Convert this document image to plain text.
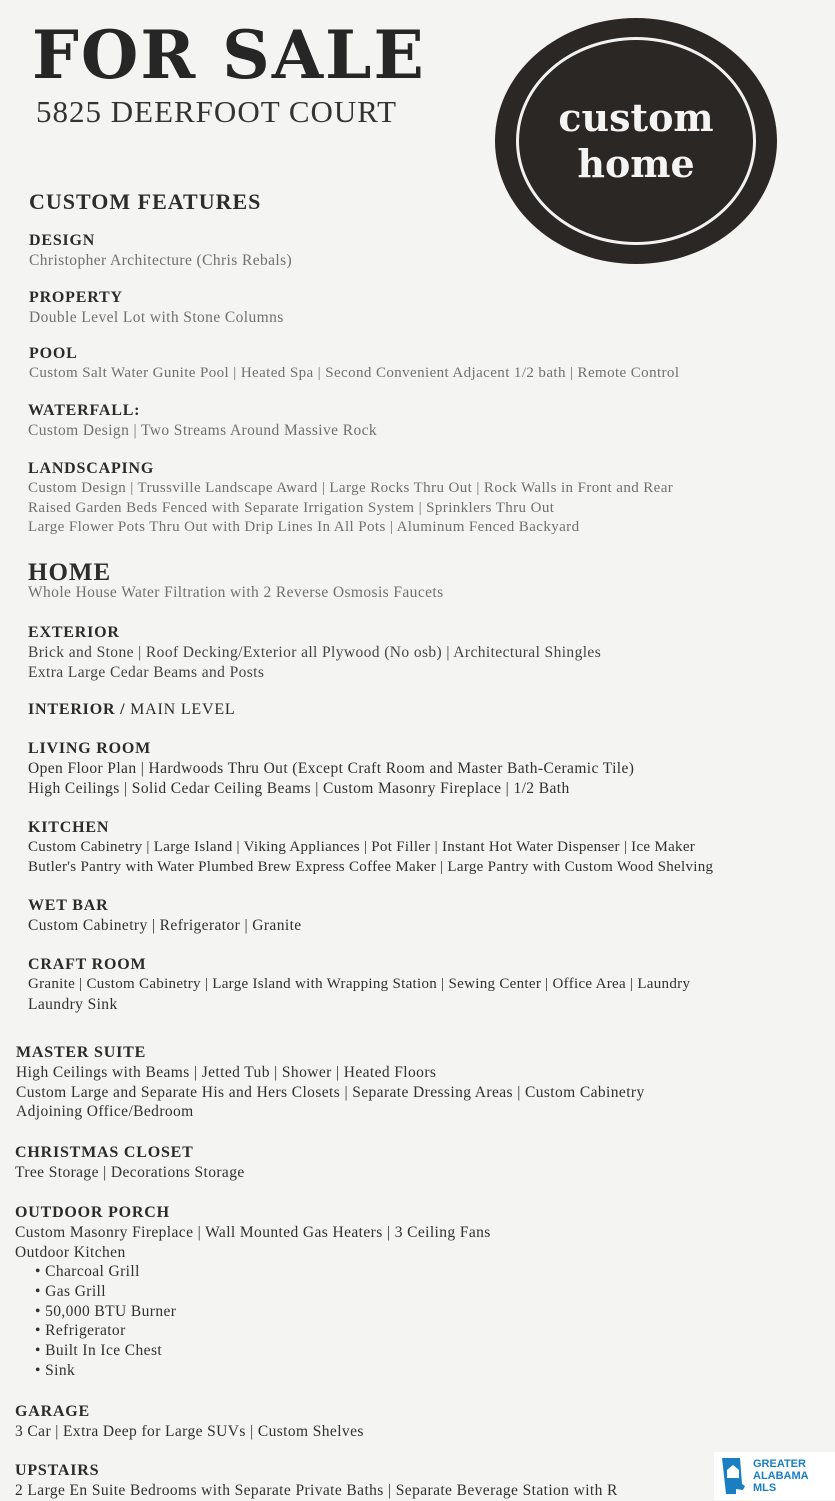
FOR SALE
5825 DEERFOOT COURT	custom
home
CUSTOM FEATURES
DESIGN
Christopher Architecture (Chris Rebals)
PROPERTY
Double Level Lot with Stone Columns
POOL
Custom Salt Water Gunite Pool | Heated Spa | Second Convenient Adjacent 1/2 bath | Remote Control
WATERFALL:
Custom Design | Two Streams Around Massive Rock
LANDSCAPING
Custom Design | Trussville Landscape Award | Large Rocks Thru Out | Rock Walls in Front and Rear
Raised Garden Beds Fenced with Separate Irrigation System | Sprinklers Thru Out
Large Flower Pots Thru Out with Drip Lines In All Pots | Aluminum Fenced Backyard
HOME
Whole House Water Filtration with 2 Reverse Osmosis Faucets
EXTERIOR
Brick and Stone | Roof Decking/Exterior all Plywood (No osb) | Architectural Shingles
Extra Large Cedar Beams and Posts
INTERIOR / MAIN LEVEL
LIVING ROOM
Open Floor Plan | Hardwoods Thru Out (Except Craft Room and Master Bath-Ceramic Tile)
High Ceilings | Solid Cedar Ceiling Beams | Custom Masonry Fireplace | 1/2 Bath
KITCHEN
Custom Cabinetry | Large Island | Viking Appliances | Pot Filler | Instant Hot Water Dispenser | Ice Maker
Butler's Pantry with Water Plumbed Brew Express Coffee Maker | Large Pantry with Custom Wood Shelving
WET BAR
Custom Cabinetry | Refrigerator | Granite
CRAFT ROOM
Granite | Custom Cabinetry | Large Island with Wrapping Station | Sewing Center | Office Area | Laundry
Laundry Sink
MASTER SUITE
High Ceilings with Beams | Jetted Tub | Shower | Heated Floors
Custom Large and Separate His and Hers Closets | Separate Dressing Areas | Custom Cabinetry
Adjoining Office/Bedroom
CHRISTMAS CLOSET
Tree Storage | Decorations Storage
OUTDOOR PORCH
Custom Masonry Fireplace | Wall Mounted Gas Heaters | 3 Ceiling Fans
Outdoor Kitchen
• Charcoal Grill
• Gas Grill
• 50,000 BTU Burner
• Refrigerator
• Built In Ice Chest
• Sink
GARAGE
3 Car | Extra Deep for Large SUVs | Custom Shelves
UPSTAIRS
2 Large En Suite Bedrooms with Separate Private Baths | Separate Beverage Station with R
GREATER
ALABAMA
MLS
